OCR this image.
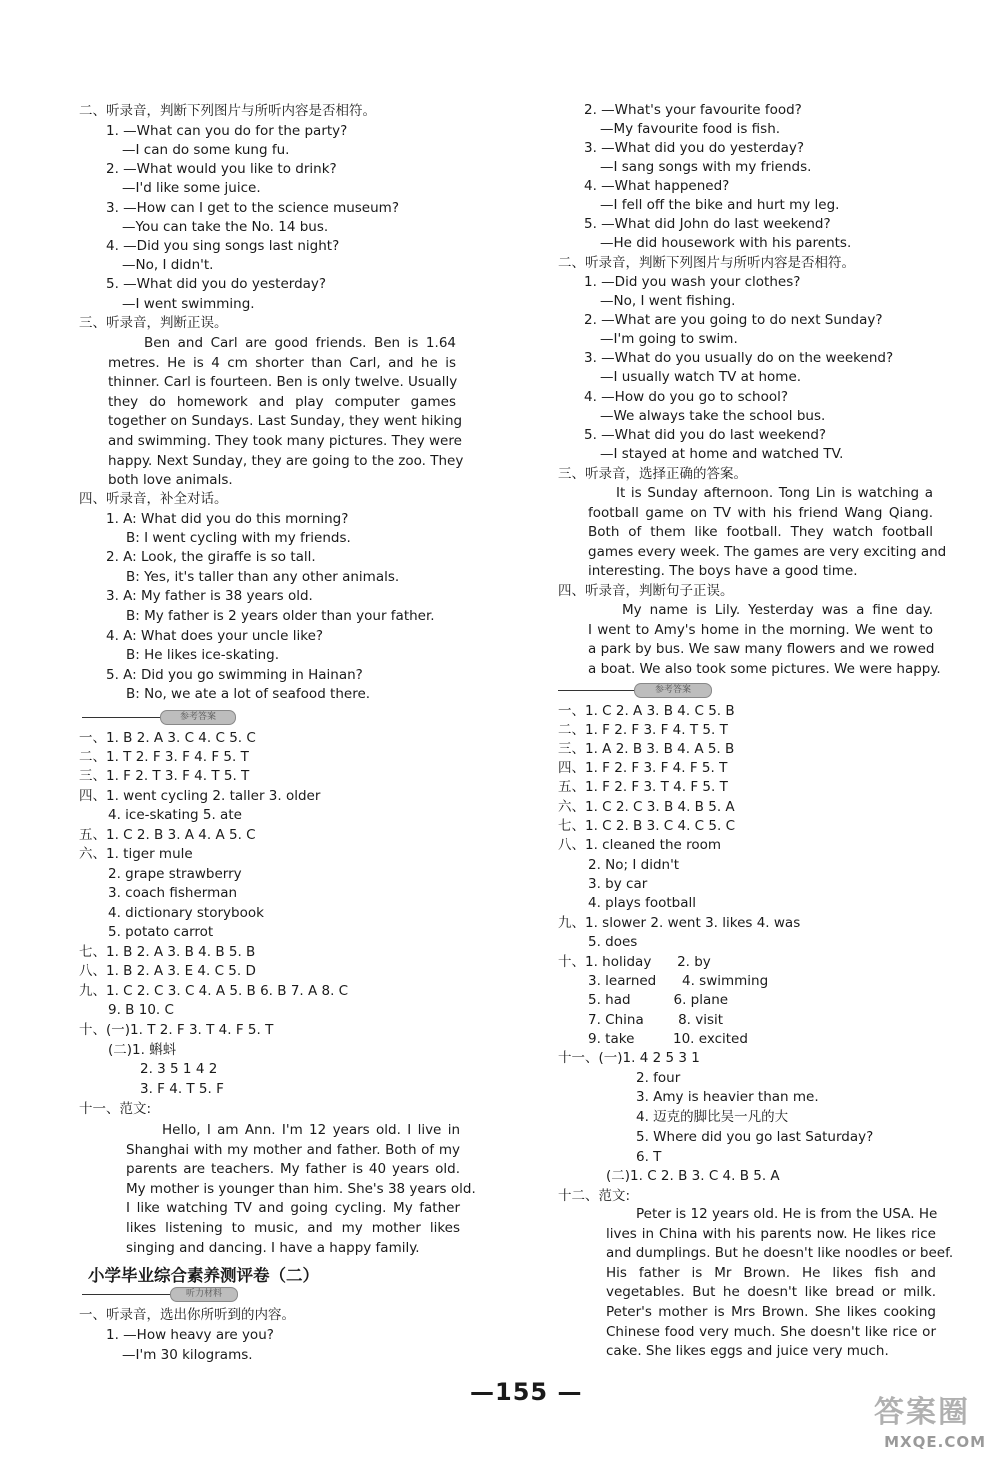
二、听录音，判断下列图片与所听内容是否相符。
1. —What can you do for the party?
—I can do some kung fu.
2. —What would you like to drink?
—I'd like some juice.
3. —How can I get to the science museum?
—You can take the No. 14 bus.
4. —Did you sing songs last night?
—No, I didn't.
5. —What did you do yesterday?
—I went swimming.
三、听录音，判断正误。
Ben and Carl are good friends. Ben is 1.64
metres. He is 4 cm shorter than Carl, and he is
thinner. Carl is fourteen. Ben is only twelve. Usually
they do homework and play computer games
together on Sundays. Last Sunday, they went hiking
and swimming. They took many pictures. They were
happy. Next Sunday, they are going to the zoo. They
both love animals.
四、听录音，补全对话。
1. A: What did you do this morning?
B: I went cycling with my friends.
2. A: Look, the giraffe is so tall.
B: Yes, it's taller than any other animals.
3. A: My father is 38 years old.
B: My father is 2 years older than your father.
4. A: What does your uncle like?
B: He likes ice-skating.
5. A: Did you go swimming in Hainan?
B: No, we ate a lot of seafood there.
参考答案
一、1. B 2. A 3. C 4. C 5. C
二、1. T 2. F 3. F 4. F 5. T
三、1. F 2. T 3. F 4. T 5. T
四、1. went cycling 2. taller 3. older
4. ice-skating 5. ate
五、1. C 2. B 3. A 4. A 5. C
六、1. tiger mule
2. grape strawberry
3. coach fisherman
4. dictionary storybook
5. potato carrot
七、1. B 2. A 3. B 4. B 5. B
八、1. B 2. A 3. E 4. C 5. D
九、1. C 2. C 3. C 4. A 5. B 6. B 7. A 8. C
9. B 10. C
十、(一)1. T 2. F 3. T 4. F 5. T
(二)1. 蝌蚪
2. 3 5 1 4 2
3. F 4. T 5. F
十一、范文:
Hello, I am Ann. I'm 12 years old. I live in
Shanghai with my mother and father. Both of my
parents are teachers. My father is 40 years old.
My mother is younger than him. She's 38 years old.
I like watching TV and going cycling. My father
likes listening to music, and my mother likes
singing and dancing. I have a happy family.
小学毕业综合素养测评卷（二）
听力材料
一、听录音，选出你所听到的内容。
1. —How heavy are you?
—I'm 30 kilograms.
2. —What's your favourite food?
—My favourite food is fish.
3. —What did you do yesterday?
—I sang songs with my friends.
4. —What happened?
—I fell off the bike and hurt my leg.
5. —What did John do last weekend?
—He did housework with his parents.
二、听录音，判断下列图片与所听内容是否相符。
1. —Did you wash your clothes?
—No, I went fishing.
2. —What are you going to do next Sunday?
—I'm going to swim.
3. —What do you usually do on the weekend?
—I usually watch TV at home.
4. —How do you go to school?
—We always take the school bus.
5. —What did you do last weekend?
—I stayed at home and watched TV.
三、听录音，选择正确的答案。
It is Sunday afternoon. Tong Lin is watching a
football game on TV with his friend Wang Qiang.
Both of them like football. They watch football
games every week. The games are very exciting and
interesting. The boys have a good time.
四、听录音，判断句子正误。
My name is Lily. Yesterday was a fine day.
I went to Amy's home in the morning. We went to
a park by bus. We saw many flowers and we rowed
a boat. We also took some pictures. We were happy.
参考答案
一、1. C 2. A 3. B 4. C 5. B
二、1. F 2. F 3. F 4. T 5. T
三、1. A 2. B 3. B 4. A 5. B
四、1. F 2. F 3. F 4. F 5. T
五、1. F 2. F 3. T 4. F 5. T
六、1. C 2. C 3. B 4. B 5. A
七、1. C 2. B 3. C 4. C 5. C
八、1. cleaned the room
2. No; I didn't
3. by car
4. plays football
九、1. slower 2. went 3. likes 4. was
5. does
十、1. holiday      2. by
3. learned      4. swimming
5. had          6. plane
7. China        8. visit
9. take         10. excited
十一、(一)1. 4 2 5 3 1
2. four
3. Amy is heavier than me.
4. 迈克的脚比吴一凡的大
5. Where did you go last Saturday?
6. T
(二)1. C 2. B 3. C 4. B 5. A
十二、范文:
Peter is 12 years old. He is from the USA. He
lives in China with his parents now. He likes rice
and dumplings. But he doesn't like noodles or beef.
His father is Mr Brown. He likes fish and
vegetables. But he doesn't like bread or milk.
Peter's mother is Mrs Brown. She likes cooking
Chinese food very much. She doesn't like rice or
cake. She likes eggs and juice very much.
—155 —
答案圈
MXQE.COM
